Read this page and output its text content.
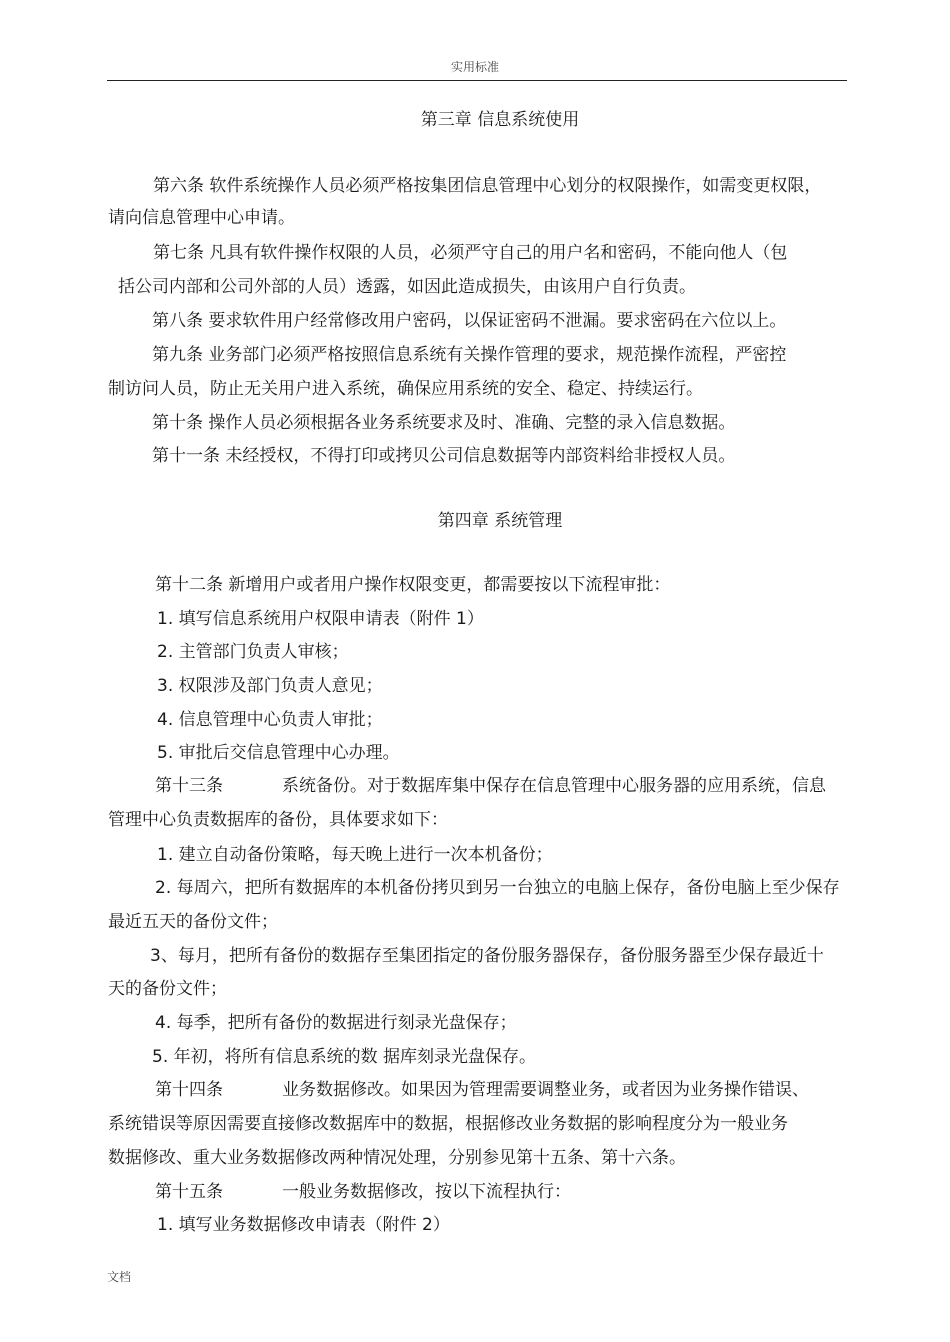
实用标准
第三章 信息系统使用
第六条 软件系统操作人员必须严格按集团信息管理中心划分的权限操作，如需变更权限，
请向信息管理中心申请。
第七条 凡具有软件操作权限的人员，必须严守自己的用户名和密码，不能向他人（包
括公司内部和公司外部的人员）透露，如因此造成损失，由该用户自行负责。
第八条 要求软件用户经常修改用户密码，以保证密码不泄漏。要求密码在六位以上。
第九条 业务部门必须严格按照信息系统有关操作管理的要求，规范操作流程，严密控
制访问人员，防止无关用户进入系统，确保应用系统的安全、稳定、持续运行。
第十条 操作人员必须根据各业务系统要求及时、准确、完整的录入信息数据。
第十一条 未经授权，不得打印或拷贝公司信息数据等内部资料给非授权人员。
第四章 系统管理
第十二条 新增用户或者用户操作权限变更，都需要按以下流程审批：
1. 填写信息系统用户权限申请表（附件 1）
2. 主管部门负责人审核；
3. 权限涉及部门负责人意见；
4. 信息管理中心负责人审批；
5. 审批后交信息管理中心办理。
第十三条	系统备份。对于数据库集中保存在信息管理中心服务器的应用系统，信息
管理中心负责数据库的备份，具体要求如下：
1. 建立自动备份策略，每天晚上进行一次本机备份；
2. 每周六，把所有数据库的本机备份拷贝到另一台独立的电脑上保存，备份电脑上至少保存
最近五天的备份文件；
3、每月，把所有备份的数据存至集团指定的备份服务器保存，备份服务器至少保存最近十
天的备份文件；
4. 每季，把所有备份的数据进行刻录光盘保存；
5. 年初，将所有信息系统的数 据库刻录光盘保存。
第十四条	业务数据修改。如果因为管理需要调整业务，或者因为业务操作错误、
系统错误等原因需要直接修改数据库中的数据，根据修改业务数据的影响程度分为一般业务
数据修改、重大业务数据修改两种情况处理，分别参见第十五条、第十六条。
第十五条	一般业务数据修改，按以下流程执行：
1. 填写业务数据修改申请表（附件 2）
文档
